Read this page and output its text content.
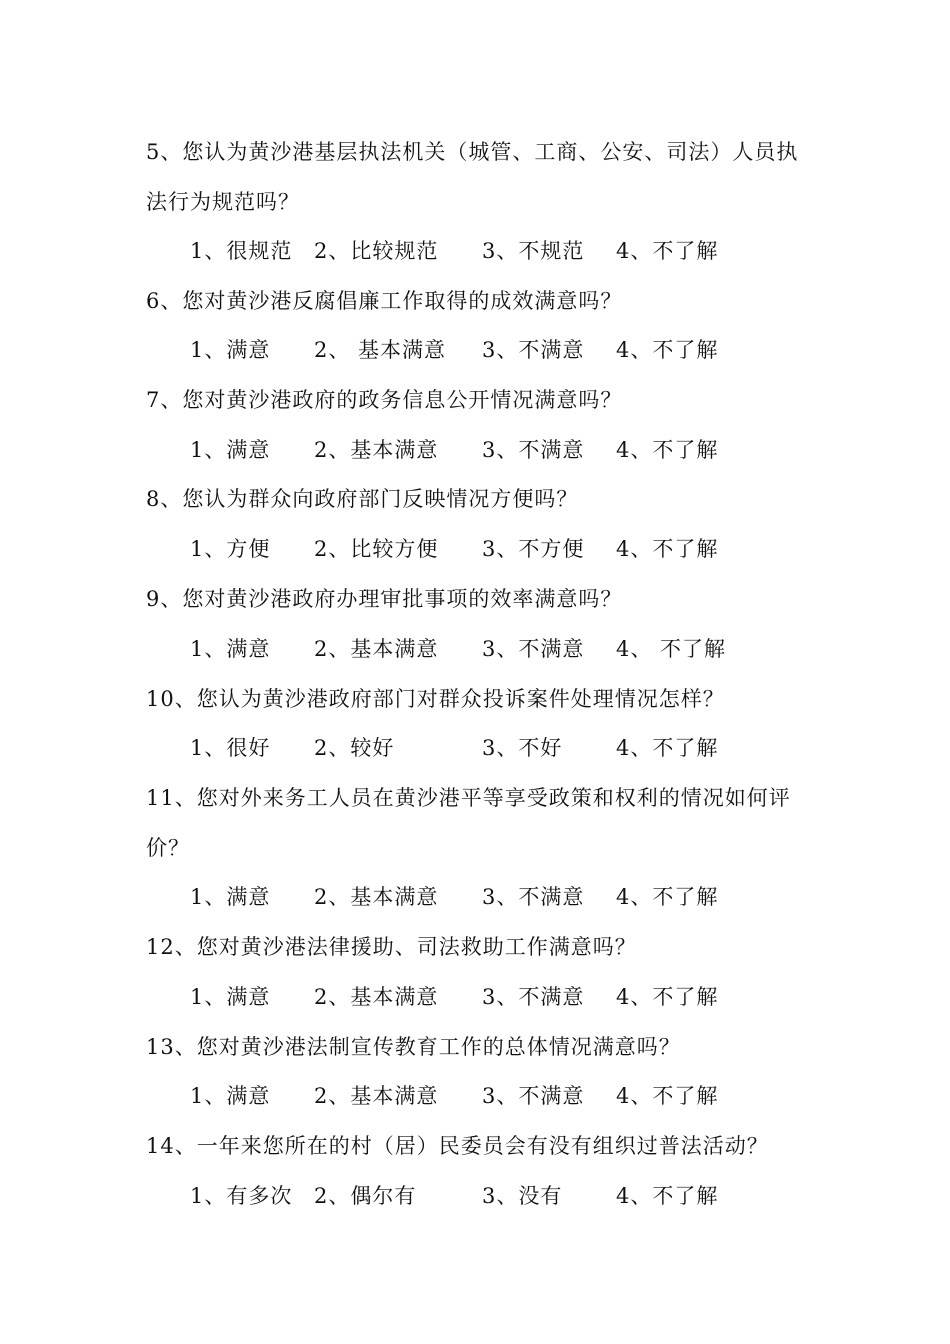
5、您认为黄沙港基层执法机关（城管、工商、公安、司法）人员执
法行为规范吗？
1、很规范 2、比较规范 3、不规范 4、不了解
6、您对黄沙港反腐倡廉工作取得的成效满意吗？
1、满意 2、 基本满意 3、不满意 4、不了解
7、您对黄沙港政府的政务信息公开情况满意吗？
1、满意 2、基本满意 3、不满意 4、不了解
8、您认为群众向政府部门反映情况方便吗？
1、方便 2、比较方便 3、不方便 4、不了解
9、您对黄沙港政府办理审批事项的效率满意吗？
1、满意 2、基本满意 3、不满意 4、 不了解
10、您认为黄沙港政府部门对群众投诉案件处理情况怎样？
1、很好 2、较好	3、不好	4、不了解
11、您对外来务工人员在黄沙港平等享受政策和权利的情况如何评
价？
1、满意 2、基本满意 3、不满意 4、不了解
12、您对黄沙港法律援助、司法救助工作满意吗？
1、满意 2、基本满意 3、不满意 4、不了解
13、您对黄沙港法制宣传教育工作的总体情况满意吗？
1、满意 2、基本满意 3、不满意 4、不了解
14、一年来您所在的村（居）民委员会有没有组织过普法活动？
1、有多次 2、偶尔有	3、没有	4、不了解
